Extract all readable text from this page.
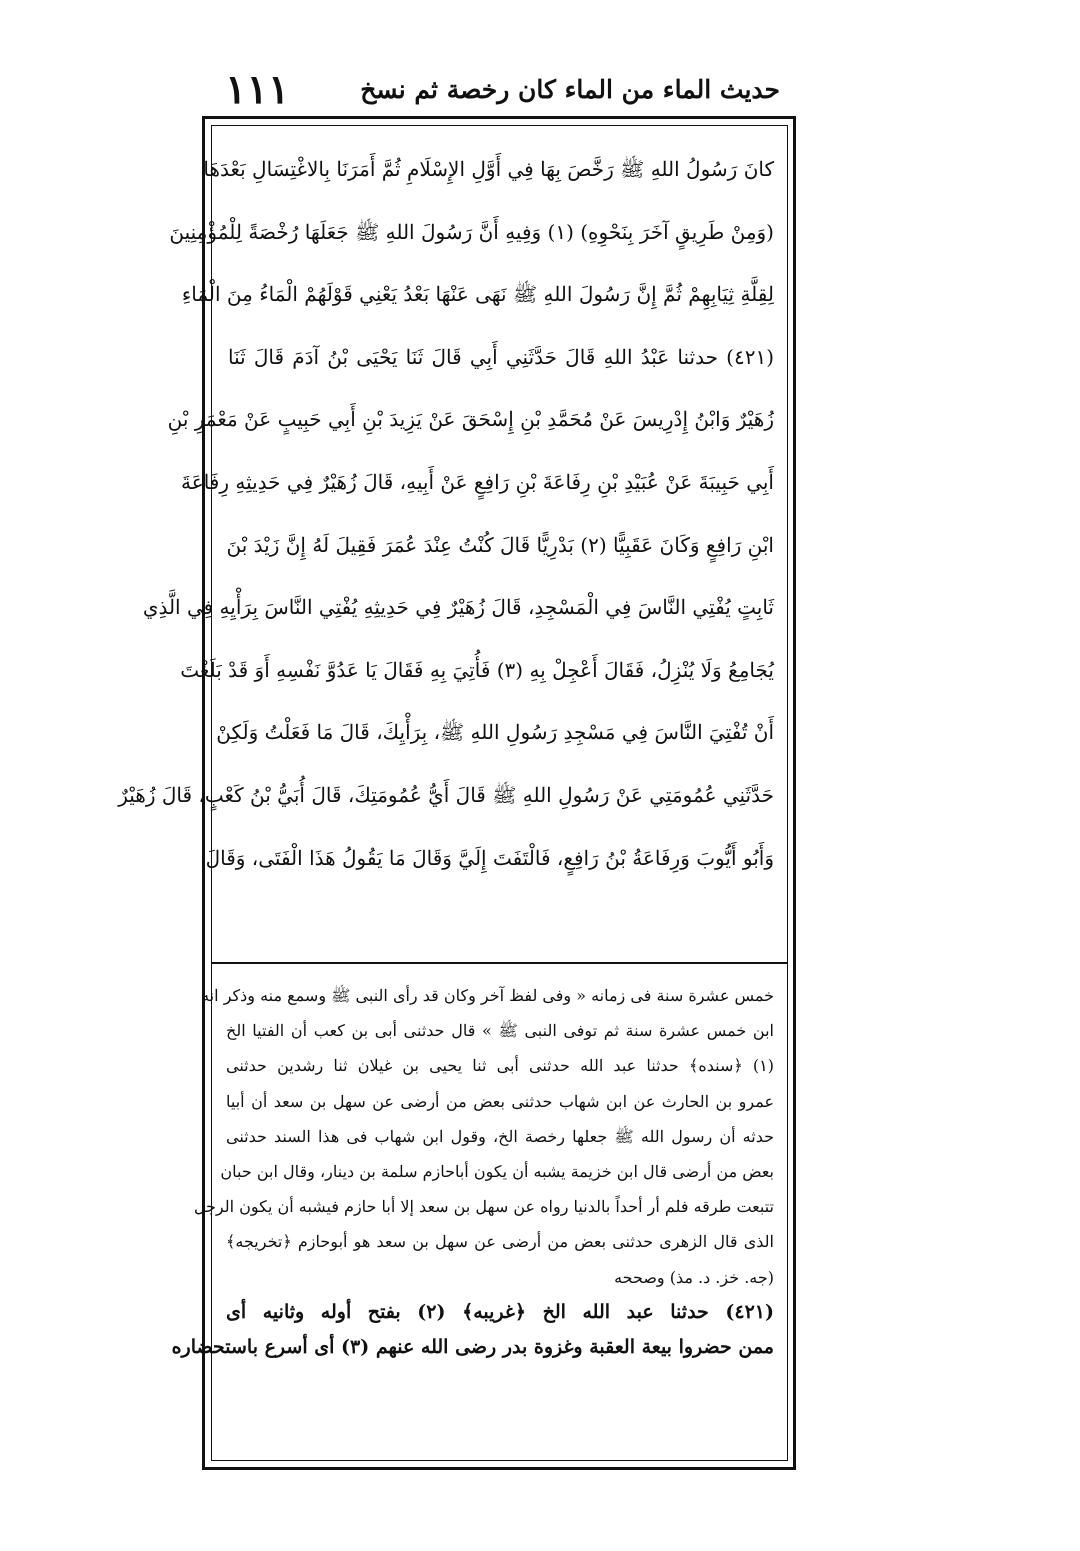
حديث الماء من الماء كان رخصة ثم نسخ
١١١
كانَ رَسُولُ اللهِ ﷺ رَخَّصَ بِهَا فِي أَوَّلِ الإِسْلَامِ ثُمَّ أَمَرَنَا بِالاغْتِسَالِ بَعْدَهَا
(وَمِنْ طَرِيقٍ آخَرَ بِنَحْوِهِ) (١) وَفِيهِ أَنَّ رَسُولَ اللهِ ﷺ جَعَلَهَا رُخْصَةً لِلْمُؤْمِنِينَ
لِقِلَّةِ ثِيَابِهِمْ ثُمَّ إِنَّ رَسُولَ اللهِ ﷺ نَهَى عَنْهَا بَعْدُ يَعْنِي قَوْلَهُمْ الْمَاءُ مِنَ الْمَاءِ
(٤٢١) حدثنا عَبْدُ اللهِ قَالَ حَدَّثَنِي أَبِي قَالَ ثَنَا يَحْيَى بْنُ آدَمَ قَالَ ثَنَا
زُهَيْرٌ وَابْنُ إِدْرِيسَ عَنْ مُحَمَّدِ بْنِ إِسْحَقَ عَنْ يَزِيدَ بْنِ أَبِي حَبِيبٍ عَنْ مَعْمَرِ بْنِ
أَبِي حَبِيبَةَ عَنْ عُبَيْدِ بْنِ رِفَاعَةَ بْنِ رَافِعٍ عَنْ أَبِيهِ، قَالَ زُهَيْرٌ فِي حَدِيثِهِ رِفَاعَةَ
ابْنِ رَافِعٍ وَكَانَ عَقَبِيًّا (٢) بَدْرِيًّا قَالَ كُنْتُ عِنْدَ عُمَرَ فَقِيلَ لَهُ إِنَّ زَيْدَ بْنَ
ثَابِتٍ يُفْتِي النَّاسَ فِي الْمَسْجِدِ، قَالَ زُهَيْرٌ فِي حَدِيثِهِ يُفْتِي النَّاسَ بِرَأْيِهِ فِي الَّذِي
يُجَامِعُ وَلَا يُنْزِلُ، فَقَالَ أَعْجِلْ بِهِ (٣) فَأُتِيَ بِهِ فَقَالَ يَا عَدُوَّ نَفْسِهِ أَوَ قَدْ بَلَغْتَ
أَنْ تُفْتِيَ النَّاسَ فِي مَسْجِدِ رَسُولِ اللهِ ﷺ، بِرَأْيِكَ، قَالَ مَا فَعَلْتُ وَلَكِنْ
حَدَّثَنِي عُمُومَتِي عَنْ رَسُولِ اللهِ ﷺ قَالَ أَيُّ عُمُومَتِكَ، قَالَ أُبَيُّ بْنُ كَعْبٍ، قَالَ زُهَيْرٌ
وَأَبُو أَيُّوبَ وَرِفَاعَةُ بْنُ رَافِعٍ، فَالْتَفَتَ إِلَيَّ وَقَالَ مَا يَقُولُ هَذَا الْفَتَى، وَقَالَ
خمس عشرة سنة فى زمانه « وفى لفظ آخر وكان قد رأى النبى ﷺ وسمع منه وذكر انه
ابن خمس عشرة سنة ثم توفى النبى ﷺ » قال حدثنى أبى بن كعب أن الفتيا الخ
(١) ﴿سنده﴾ حدثنا عبد الله حدثنى أبى ثنا يحيى بن غيلان ثنا رشدين حدثنى
عمرو بن الحارث عن ابن شهاب حدثنى بعض من أرضى عن سهل بن سعد أن أبيا
حدثه أن رسول الله ﷺ جعلها رخصة الخ، وقول ابن شهاب فى هذا السند حدثنى
بعض من أرضى قال ابن خزيمة يشبه أن يكون أباحازم سلمة بن دينار، وقال ابن حبان
تتبعت طرقه فلم أر أحداً بالدنيا رواه عن سهل بن سعد إلا أبا حازم فيشبه أن يكون الرجل
الذى قال الزهرى حدثنى بعض من أرضى عن سهل بن سعد هو أبوحازم ﴿تخريجه﴾
(جه. خز. د. مذ) وصححه
(٤٢١) حدثنا عبد الله الخ ﴿غريبه﴾ (٢) بفتح أوله وثانيه أى
ممن حضروا بيعة العقبة وغزوة بدر رضى الله عنهم (٣) أى أسرع باستحضاره
